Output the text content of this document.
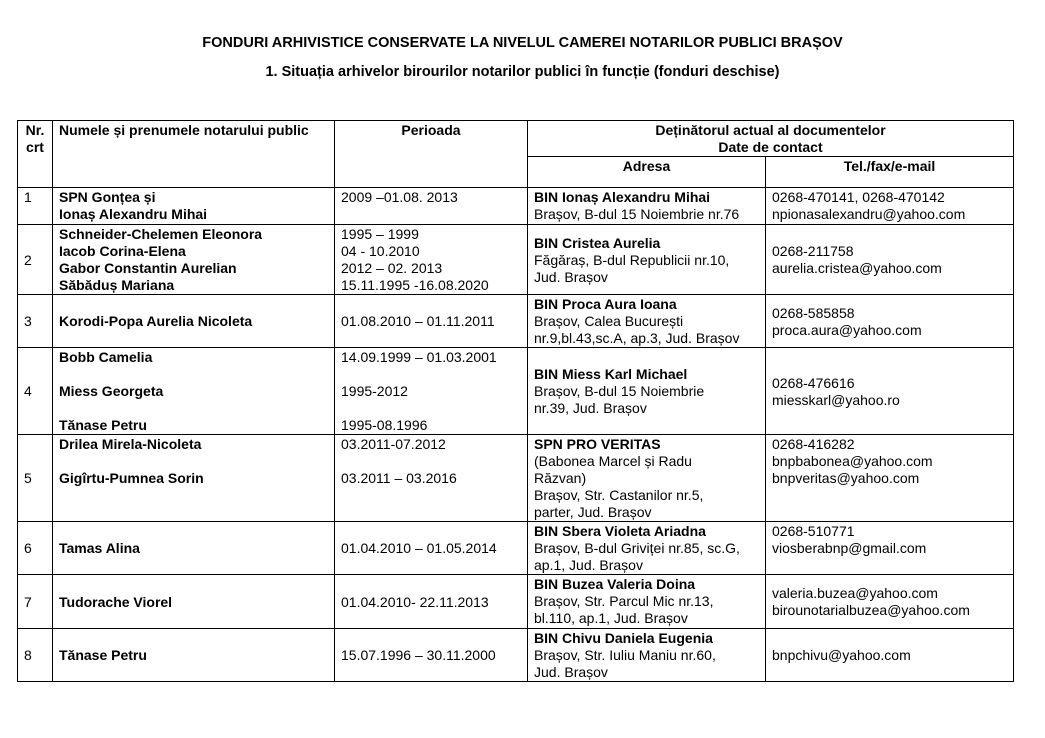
FONDURI ARHIVISTICE CONSERVATE LA NIVELUL CAMEREI NOTARILOR PUBLICI BRAȘOV
1. Situația arhivelor birourilor notarilor publici în funcție (fonduri deschise)
Nr.
crt	Numele și prenumele notarului public	Perioada	Deținătorul actual al documentelor
Date de contact	

			Adresa	Tel./fax/e-mail
1	SPN Gonțea și
Ionaș Alexandru Mihai	2009 –01.08. 2013	BIN Ionaș Alexandru Mihai
Brașov, B-dul 15 Noiembrie nr.76	0268-470141, 0268-470142
npionasalexandru@yahoo.com

2	Schneider-Chelemen Eleonora
Iacob Corina-Elena
Gabor Constantin Aurelian
Săbăduș Mariana	1995 – 1999
04 - 10.2010
2012 – 02. 2013
15.11.1995 -16.08.2020	BIN Cristea Aurelia
Făgăraș, B-dul Republicii nr.10,
Jud. Brașov	0268-211758
aurelia.cristea@yahoo.com

3	Korodi-Popa Aurelia Nicoleta	01.08.2010 – 01.11.2011	BIN Proca Aura Ioana
Brașov, Calea București
nr.9,bl.43,sc.A, ap.3, Jud. Brașov	0268-585858
proca.aura@yahoo.com

4	Bobb Camelia
Miess Georgeta
Tănase Petru	14.09.1999 – 01.03.2001
1995-2012
1995-08.1996	BIN Miess Karl Michael
Brașov, B-dul 15 Noiembrie
nr.39, Jud. Brașov	0268-476616
miesskarl@yahoo.ro

5	Drilea Mirela-Nicoleta
Gigîrtu-Pumnea Sorin	03.2011-07.2012
03.2011 – 03.2016	SPN PRO VERITAS
(Babonea Marcel și Radu
Răzvan)
Brașov, Str. Castanilor nr.5,
parter, Jud. Brașov	0268-416282
bnpbabonea@yahoo.com
bnpveritas@yahoo.com

6	Tamas Alina	01.04.2010 – 01.05.2014	BIN Sbera Violeta Ariadna
Brașov, B-dul Griviței nr.85, sc.G,
ap.1, Jud. Brașov	0268-510771
viosberabnp@gmail.com

7	Tudorache Viorel	01.04.2010- 22.11.2013	BIN Buzea Valeria Doina
Brașov, Str. Parcul Mic nr.13,
bl.110, ap.1, Jud. Brașov	valeria.buzea@yahoo.com
birounotarialbuzea@yahoo.com

8	Tănase Petru	15.07.1996 – 30.11.2000	BIN Chivu Daniela Eugenia
Brașov, Str. Iuliu Maniu nr.60,
Jud. Brașov	bnpchivu@yahoo.com
